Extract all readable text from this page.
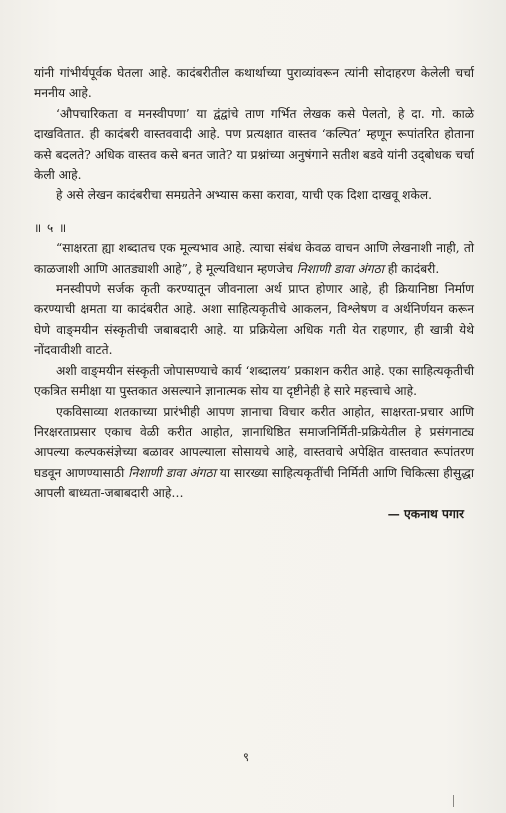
यांनी गांभीर्यपूर्वक घेतला आहे. कादंबरीतील कथार्थाच्या पुराव्यांवरून त्यांनी सोदाहरण केलेली चर्चा मननीय आहे.

‘औपचारिकता व मनस्वीपणा’ या द्वंद्वांचे ताण गर्भित लेखक कसे पेलतो, हे दा. गो. काळे दाखवितात. ही कादंबरी वास्तववादी आहे. पण प्रत्यक्षात वास्तव ‘कल्पित’ म्हणून रूपांतरित होताना कसे बदलते? अधिक वास्तव कसे बनत जाते? या प्रश्नांच्या अनुषंगाने सतीश बडवे यांनी उद्‌बोधक चर्चा केली आहे.

हे असे लेखन कादंबरीचा समग्रतेने अभ्यास कसा करावा, याची एक दिशा दाखवू शकेल.

॥ ५ ॥

“साक्षरता ह्या शब्दातच एक मूल्यभाव आहे. त्याचा संबंध केवळ वाचन आणि लेखनाशी नाही, तो काळजाशी आणि आतड्याशी आहे”, हे मूल्यविधान म्हणजेच निशाणी डावा अंगठा ही कादंबरी.

मनस्वीपणे सर्जक कृती करण्यातून जीवनाला अर्थ प्राप्त होणार आहे, ही क्रियानिष्ठा निर्माण करण्याची क्षमता या कादंबरीत आहे. अशा साहित्यकृतीचे आकलन, विश्लेषण व अर्थनिर्णयन करून घेणे वाङ्‌मयीन संस्कृतीची जबाबदारी आहे. या प्रक्रियेला अधिक गती येत राहणार, ही खात्री येथे नोंदवावीशी वाटते.

अशी वाङ्‌मयीन संस्कृती जोपासण्याचे कार्य ‘शब्दालय’ प्रकाशन करीत आहे. एका साहित्यकृतीची एकत्रित समीक्षा या पुस्तकात असल्याने ज्ञानात्मक सोय या दृष्टीनेही हे सारे महत्त्वाचे आहे.

एकविसाव्या शतकाच्या प्रारंभीही आपण ज्ञानाचा विचार करीत आहोत, साक्षरता-प्रचार आणि निरक्षरताप्रसार एकाच वेळी करीत आहोत, ज्ञानाधिष्ठित समाजनिर्मिती-प्रक्रियेतील हे प्रसंगनाट्य आपल्या कल्पकसंज्ञेच्या बळावर आपल्याला सोसायचे आहे, वास्तवाचे अपेक्षित वास्तवात रूपांतरण घडवून आणण्यासाठी निशाणी डावा अंगठा या सारख्या साहित्यकृतींची निर्मिती आणि चिकित्सा हीसुद्धा आपली बाध्यता-जबाबदारी आहे…

— एकनाथ पगार

९
